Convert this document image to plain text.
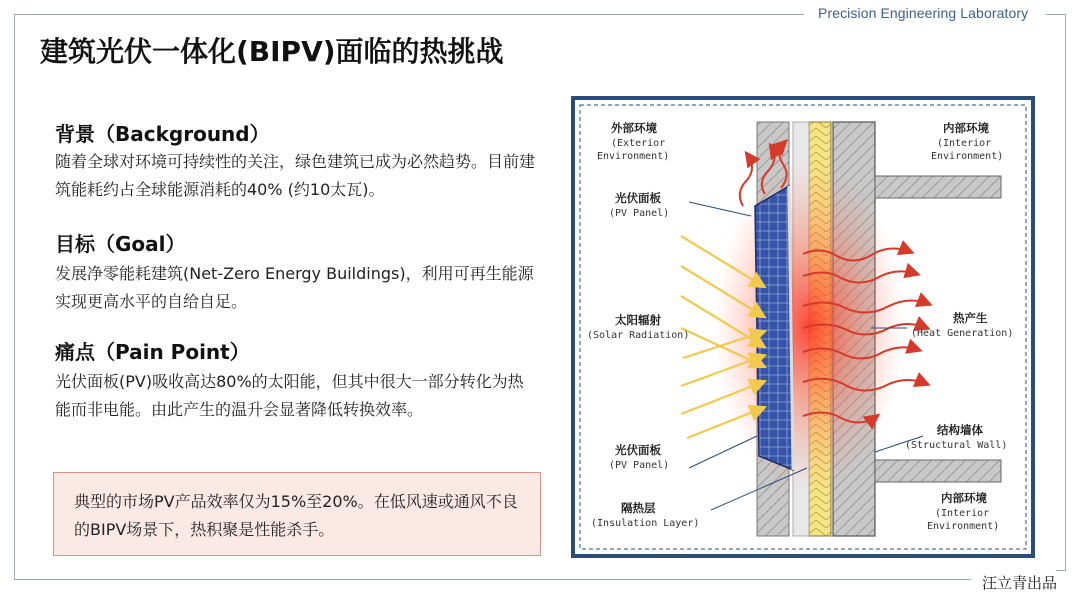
Precision Engineering Laboratory
建筑光伏一体化(BIPV)面临的热挑战
背景（Background）
随着全球对环境可持续性的关注，绿色建筑已成为必然趋势。目前建筑能耗约占全球能源消耗的40% (约10太瓦)。
目标（Goal）
发展净零能耗建筑(Net-Zero Energy Buildings)，利用可再生能源实现更高水平的自给自足。
痛点（Pain Point）
光伏面板(PV)吸收高达80%的太阳能，但其中很大一部分转化为热能而非电能。由此产生的温升会显著降低转换效率。
典型的市场PV产品效率仅为15%至20%。在低风速或通风不良的BIPV场景下，热积聚是性能杀手。
外部环境
(Exterior
Environment)
光伏面板
(PV Panel)
太阳辐射
(Solar Radiation)
光伏面板
(PV Panel)
隔热层
(Insulation Layer)
内部环境
(Interior
Environment)
热产生
(Heat Generation)
结构墙体
(Structural Wall)
内部环境
(Interior
Environment)
汪立青出品
